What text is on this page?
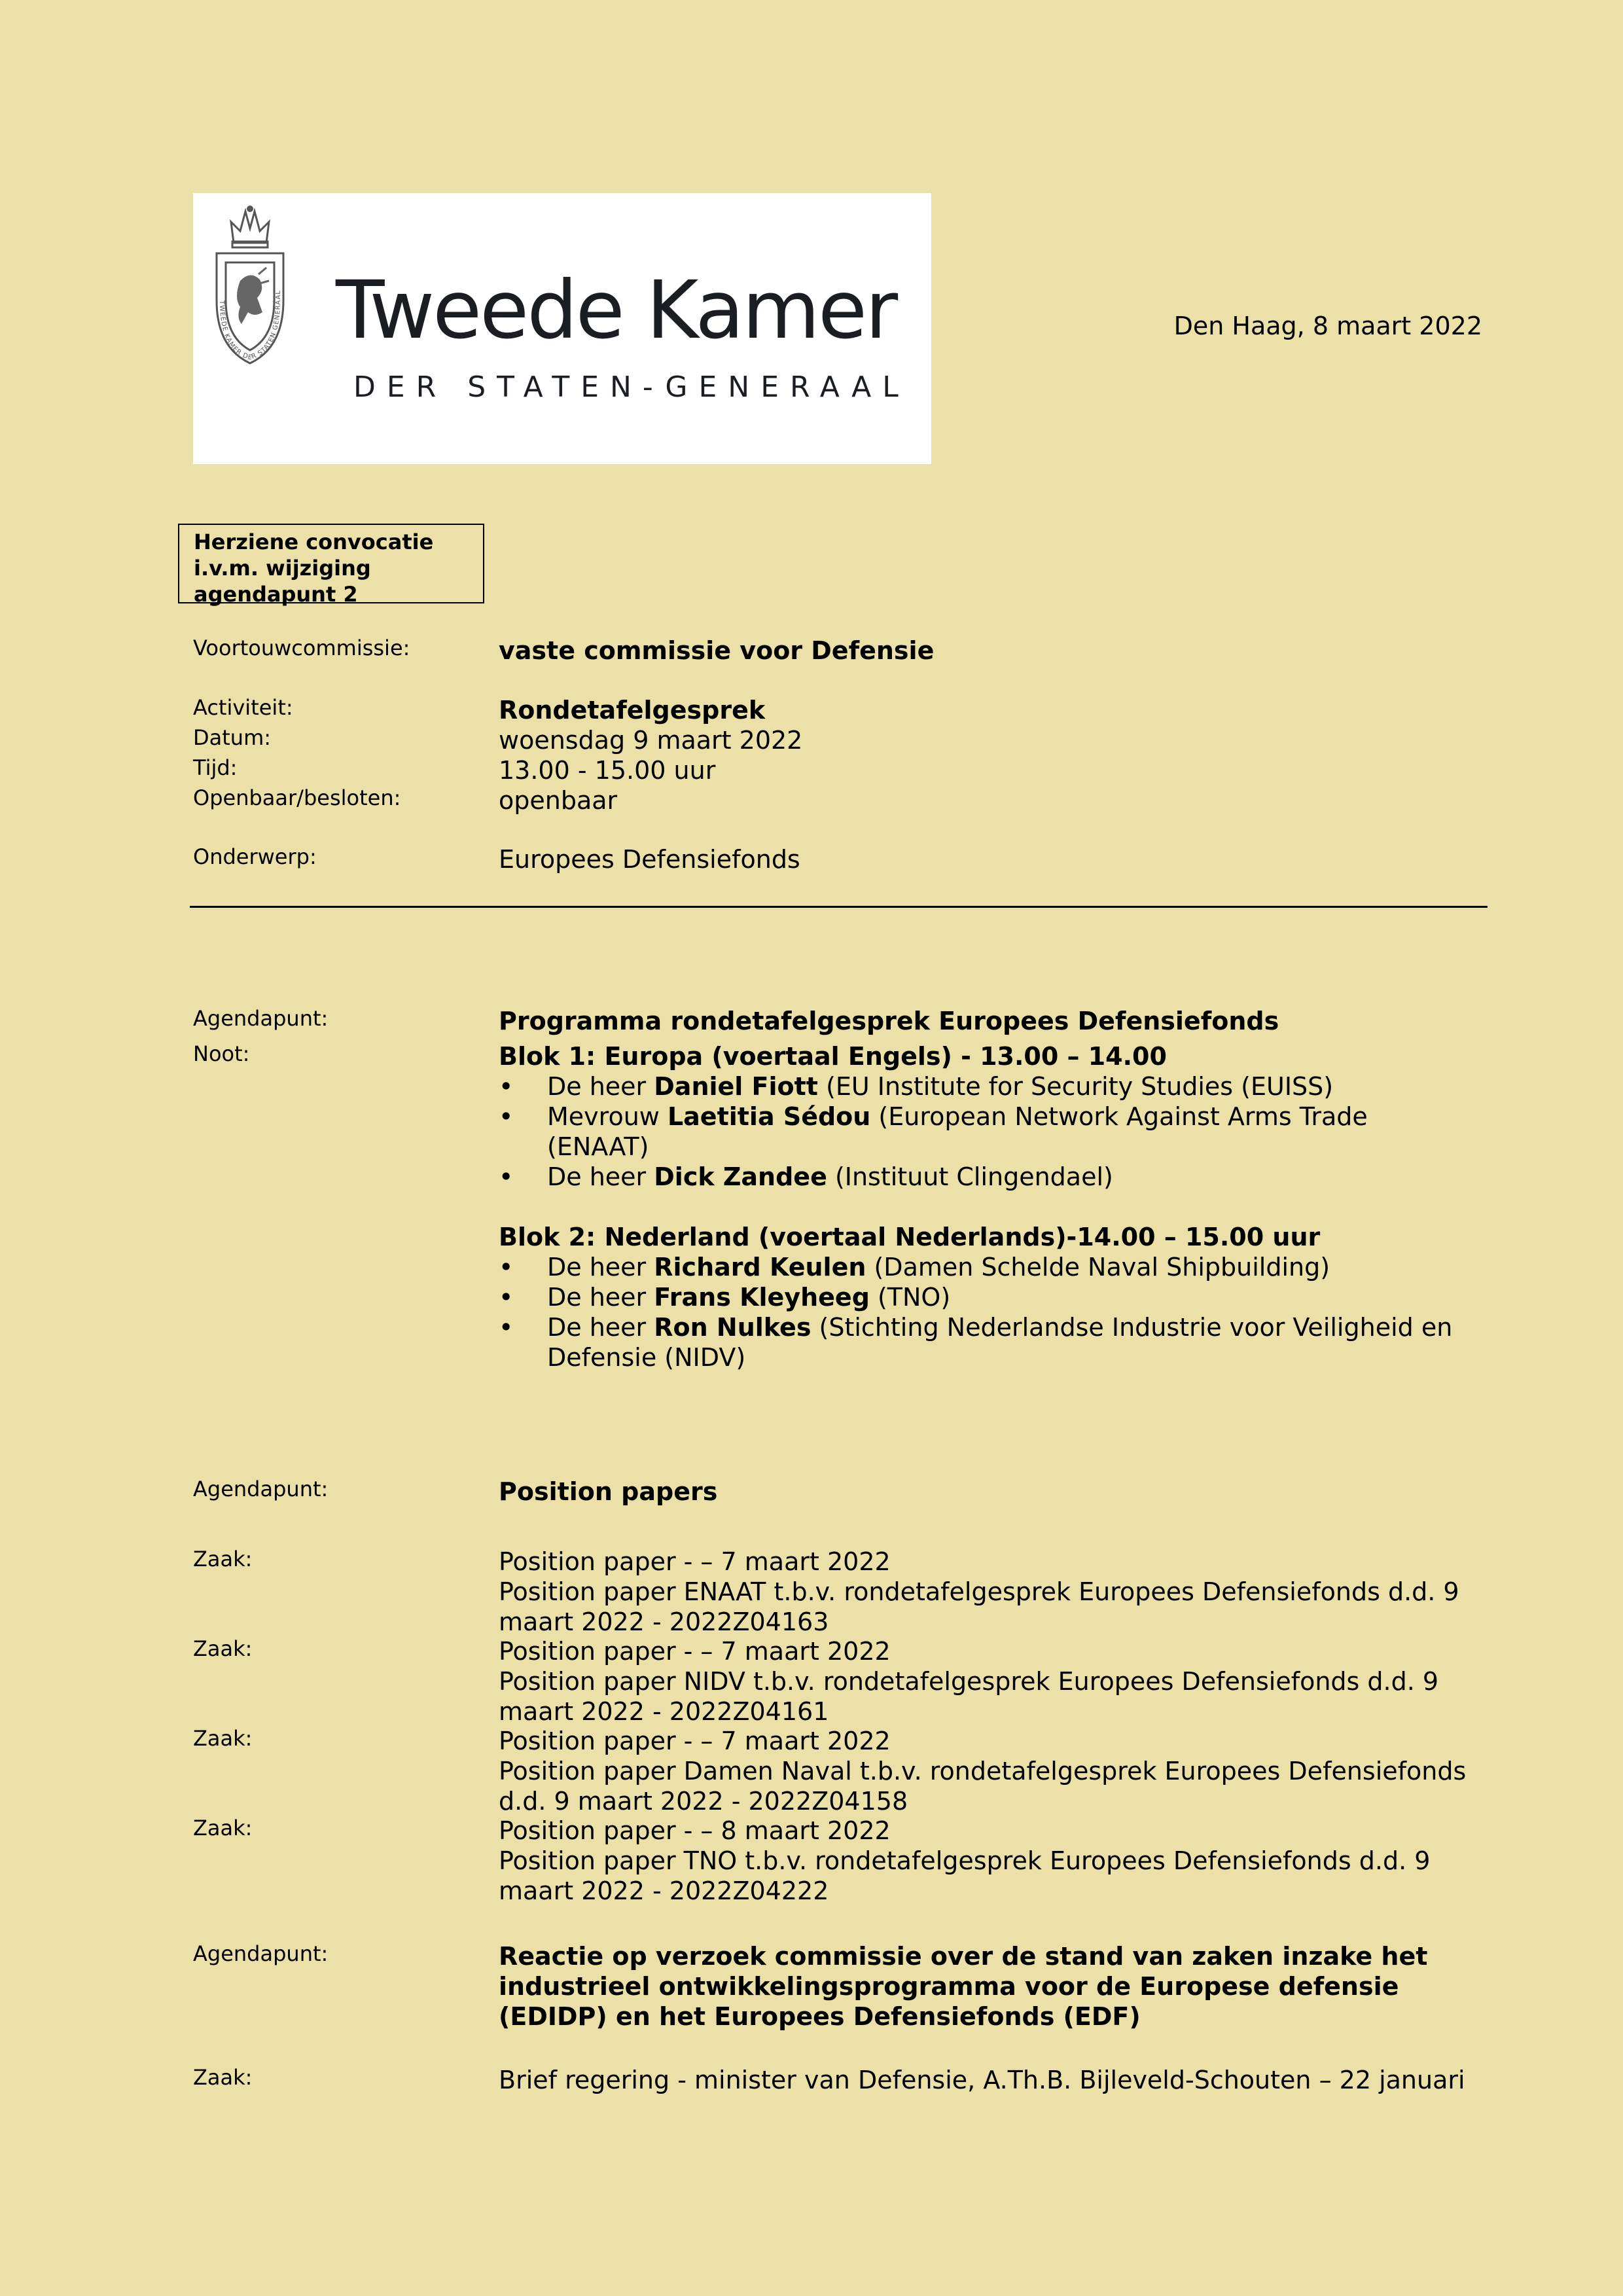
TWEEDE KAMER DER STATEN GENERAAL Tweede Kamer
DER STATEN-GENERAAL
Den Haag, 8 maart 2022
Herziene convocatie
i.v.m. wijziging
agendapunt 2
Voortouwcommissie:	vaste commissie voor Defensie
Activiteit:	Rondetafelgesprek
Datum:	woensdag 9 maart 2022
Tijd:	13.00 - 15.00 uur
Openbaar/besloten:	openbaar
Onderwerp:	Europees Defensiefonds
Agendapunt:	Programma rondetafelgesprek Europees Defensiefonds
Noot:	Blok 1: Europa (voertaal Engels) - 13.00 – 14.00
• De heer Daniel Fiott (EU Institute for Security Studies (EUISS)
• Mevrouw Laetitia Sédou (European Network Against Arms Trade (ENAAT)
• De heer Dick Zandee (Instituut Clingendael)
Blok 2: Nederland (voertaal Nederlands)-14.00 – 15.00 uur
• De heer Richard Keulen (Damen Schelde Naval Shipbuilding)
• De heer Frans Kleyheeg (TNO)
• De heer Ron Nulkes (Stichting Nederlandse Industrie voor Veiligheid en Defensie (NIDV)
Agendapunt:	Position papers
Zaak:	Position paper - – 7 maart 2022
Position paper ENAAT t.b.v. rondetafelgesprek Europees Defensiefonds d.d. 9 maart 2022 - 2022Z04163
Zaak:	Position paper - – 7 maart 2022
Position paper NIDV t.b.v. rondetafelgesprek Europees Defensiefonds d.d. 9 maart 2022 - 2022Z04161
Zaak:	Position paper - – 7 maart 2022
Position paper Damen Naval t.b.v. rondetafelgesprek Europees Defensiefonds d.d. 9 maart 2022 - 2022Z04158
Zaak:	Position paper - – 8 maart 2022
Position paper TNO t.b.v. rondetafelgesprek Europees Defensiefonds d.d. 9 maart 2022 - 2022Z04222
Agendapunt:	Reactie op verzoek commissie over de stand van zaken inzake het industrieel ontwikkelingsprogramma voor de Europese defensie (EDIDP) en het Europees Defensiefonds (EDF)
Zaak:	Brief regering - minister van Defensie, A.Th.B. Bijleveld-Schouten – 22 januari
